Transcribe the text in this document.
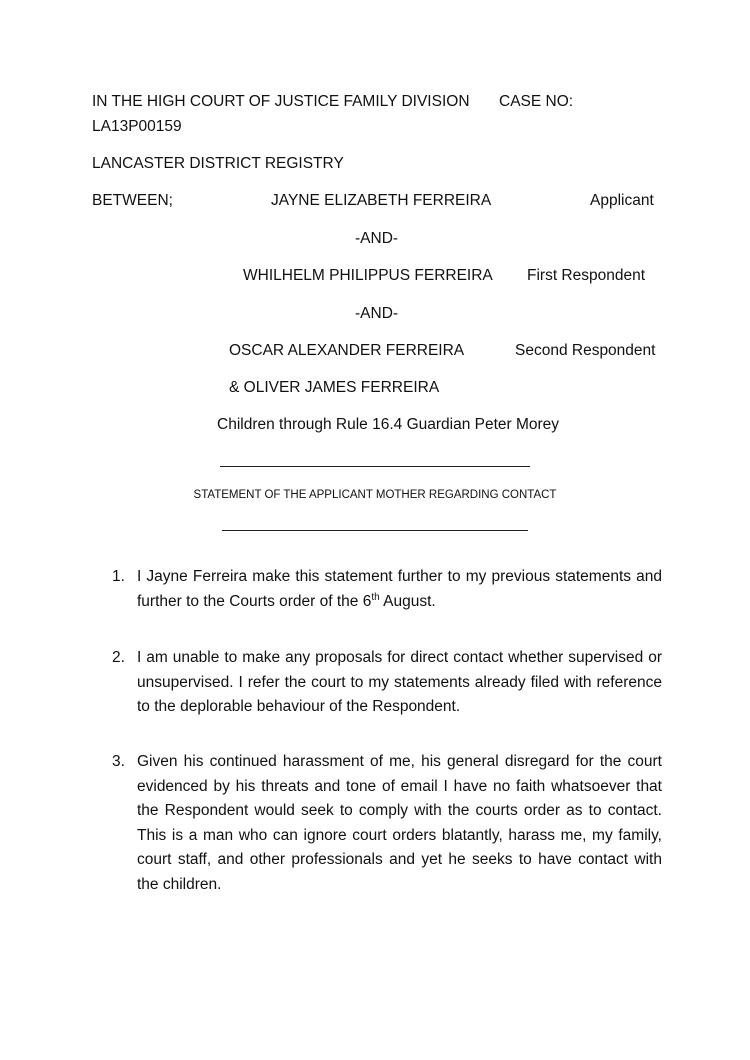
IN THE HIGH COURT OF JUSTICE FAMILY DIVISION CASE NO:
LA13P00159
LANCASTER DISTRICT REGISTRY
BETWEEN;	JAYNE ELIZABETH FERREIRA	Applicant
-AND-
WHILHELM PHILIPPUS FERREIRA First Respondent
-AND-
OSCAR ALEXANDER FERREIRA	Second Respondent
& OLIVER JAMES FERREIRA
Children through Rule 16.4 Guardian Peter Morey
STATEMENT OF THE APPLICANT MOTHER REGARDING CONTACT
1. I Jayne Ferreira make this statement further to my previous statements and further to the Courts order of the 6th August.
2. I am unable to make any proposals for direct contact whether supervised or unsupervised. I refer the court to my statements already filed with reference to the deplorable behaviour of the Respondent.
3. Given his continued harassment of me, his general disregard for the court evidenced by his threats and tone of email I have no faith whatsoever that the Respondent would seek to comply with the courts order as to contact. This is a man who can ignore court orders blatantly, harass me, my family, court staff, and other professionals and yet he seeks to have contact with the children.
